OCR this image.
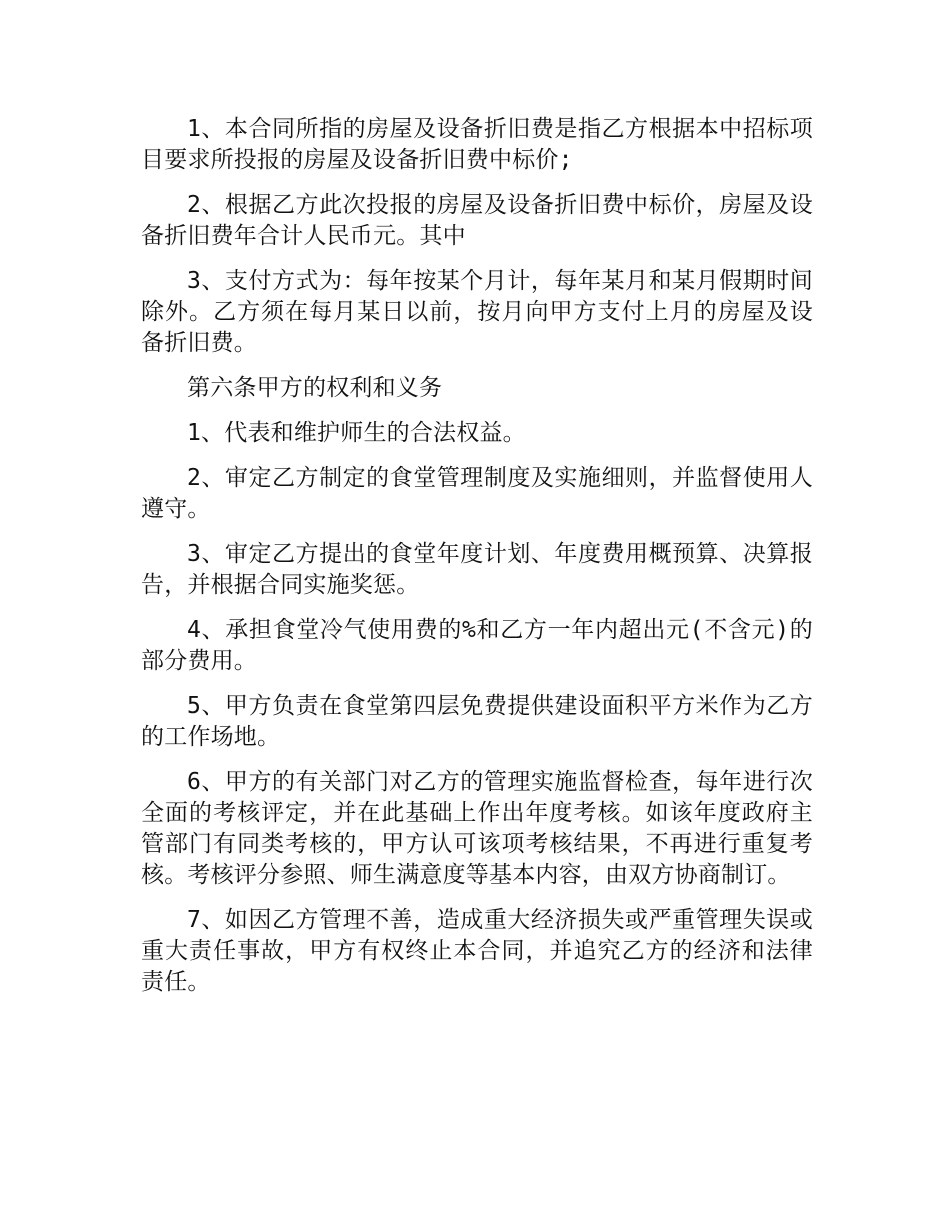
1、本合同所指的房屋及设备折旧费是指乙方根据本中招标项目要求所投报的房屋及设备折旧费中标价;

2、根据乙方此次投报的房屋及设备折旧费中标价，房屋及设备折旧费年合计人民币元。其中

3、支付方式为：每年按某个月计，每年某月和某月假期时间除外。乙方须在每月某日以前，按月向甲方支付上月的房屋及设备折旧费。

第六条甲方的权利和义务

1、代表和维护师生的合法权益。

2、审定乙方制定的食堂管理制度及实施细则，并监督使用人遵守。

3、审定乙方提出的食堂年度计划、年度费用概预算、决算报告，并根据合同实施奖惩。

4、承担食堂冷气使用费的%和乙方一年内超出元(不含元)的部分费用。

5、甲方负责在食堂第四层免费提供建设面积平方米作为乙方的工作场地。

6、甲方的有关部门对乙方的管理实施监督检查，每年进行次全面的考核评定，并在此基础上作出年度考核。如该年度政府主管部门有同类考核的，甲方认可该项考核结果，不再进行重复考核。考核评分参照、师生满意度等基本内容，由双方协商制订。

7、如因乙方管理不善，造成重大经济损失或严重管理失误或重大责任事故，甲方有权终止本合同，并追究乙方的经济和法律责任。
